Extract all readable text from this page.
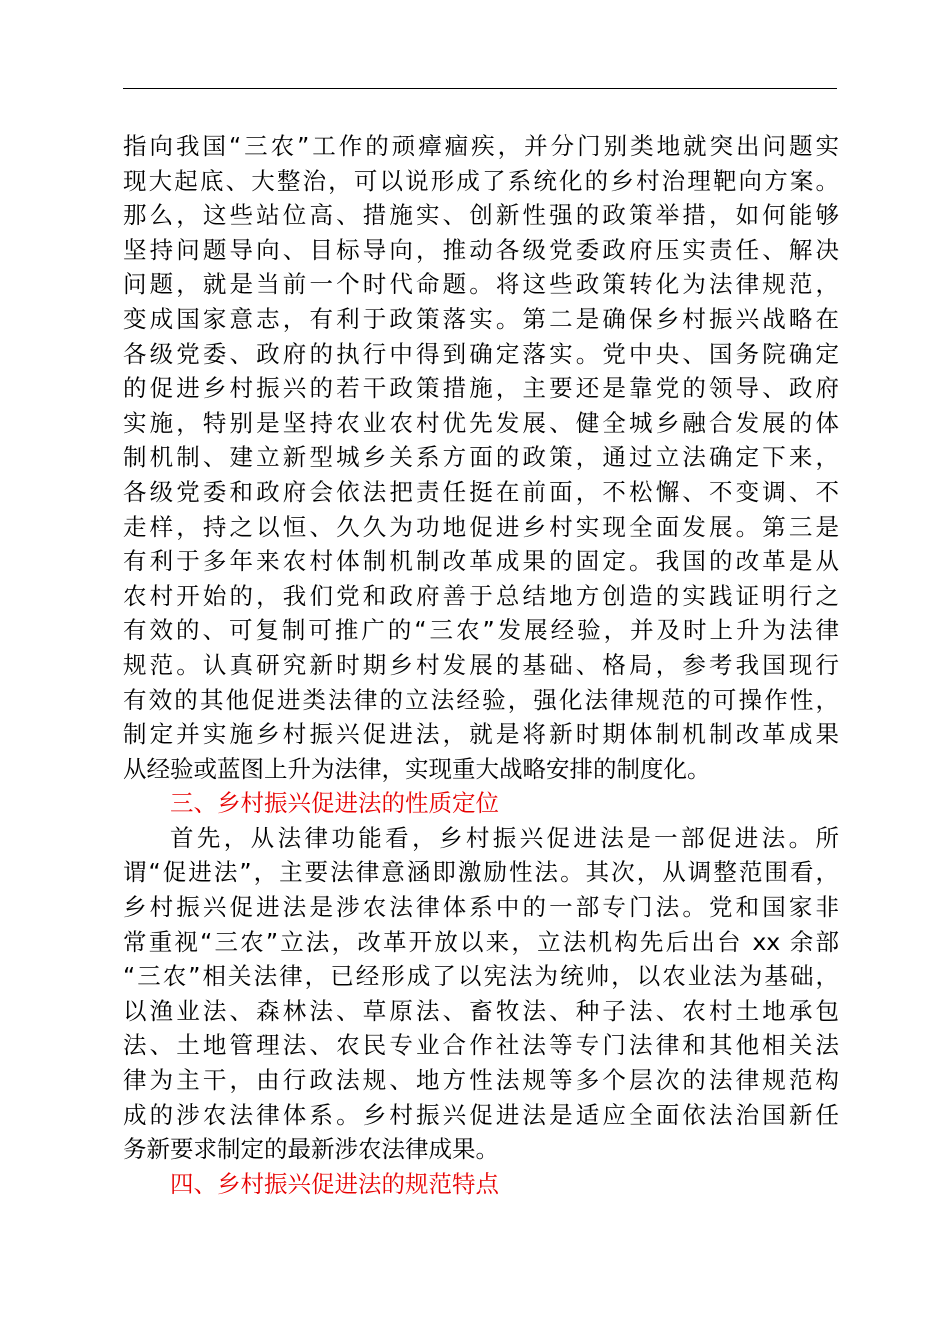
指向我国“三农”工作的顽瘴痼疾，并分门别类地就突出问题实
现大起底、大整治，可以说形成了系统化的乡村治理靶向方案。
那么，这些站位高、措施实、创新性强的政策举措，如何能够
坚持问题导向、目标导向，推动各级党委政府压实责任、解决
问题，就是当前一个时代命题。将这些政策转化为法律规范，
变成国家意志，有利于政策落实。第二是确保乡村振兴战略在
各级党委、政府的执行中得到确定落实。党中央、国务院确定
的促进乡村振兴的若干政策措施，主要还是靠党的领导、政府
实施，特别是坚持农业农村优先发展、健全城乡融合发展的体
制机制、建立新型城乡关系方面的政策，通过立法确定下来，
各级党委和政府会依法把责任挺在前面，不松懈、不变调、不
走样，持之以恒、久久为功地促进乡村实现全面发展。第三是
有利于多年来农村体制机制改革成果的固定。我国的改革是从
农村开始的，我们党和政府善于总结地方创造的实践证明行之
有效的、可复制可推广的“三农”发展经验，并及时上升为法律
规范。认真研究新时期乡村发展的基础、格局，参考我国现行
有效的其他促进类法律的立法经验，强化法律规范的可操作性，
制定并实施乡村振兴促进法，就是将新时期体制机制改革成果
从经验或蓝图上升为法律，实现重大战略安排的制度化。
三、乡村振兴促进法的性质定位
首先，从法律功能看，乡村振兴促进法是一部促进法。所
谓“促进法”，主要法律意涵即激励性法。其次，从调整范围看，
乡村振兴促进法是涉农法律体系中的一部专门法。党和国家非
常重视“三农”立法，改革开放以来，立法机构先后出台 xx 余部
“三农”相关法律，已经形成了以宪法为统帅，以农业法为基础，
以渔业法、森林法、草原法、畜牧法、种子法、农村土地承包
法、土地管理法、农民专业合作社法等专门法律和其他相关法
律为主干，由行政法规、地方性法规等多个层次的法律规范构
成的涉农法律体系。乡村振兴促进法是适应全面依法治国新任
务新要求制定的最新涉农法律成果。
四、乡村振兴促进法的规范特点
